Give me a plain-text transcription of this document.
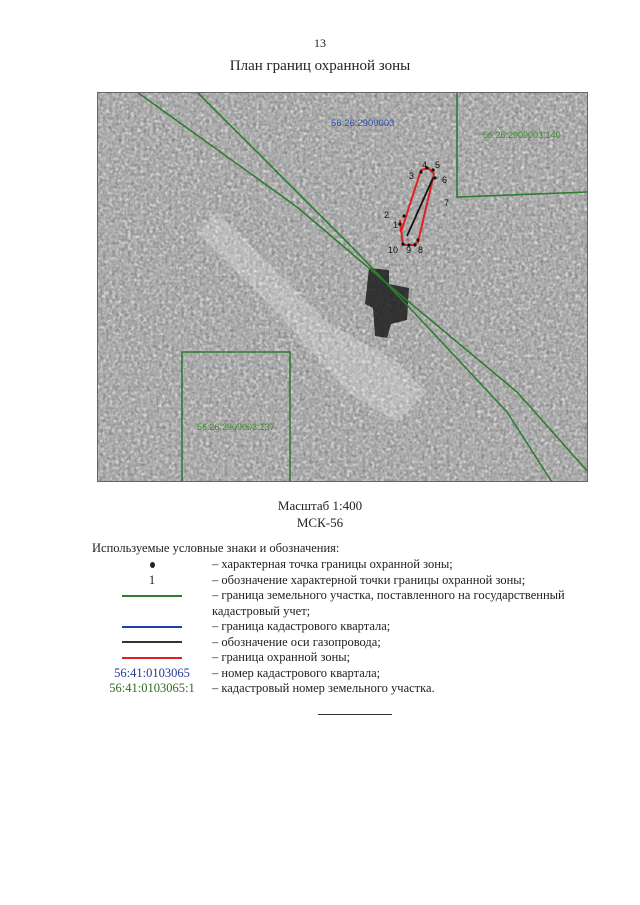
13
План границ охранной зоны
56:26:2909003
56:26:2909003:140
56:26:2909003:137
1
2
3
4 5
6
7
8
9
10
Масштаб 1:400
МСК-56
Используемые условные знаки и обозначения:
– характерная точка границы охранной зоны;
1	– обозначение характерной точки границы охранной зоны;
– граница земельного участка, поставленного на государственный кадастровый учет;
– граница кадастрового квартала;
– обозначение оси газопровода;
– граница охранной зоны;
56:41:0103065 – номер кадастрового квартала;
56:41:0103065:1 – кадастровый номер земельного участка.
